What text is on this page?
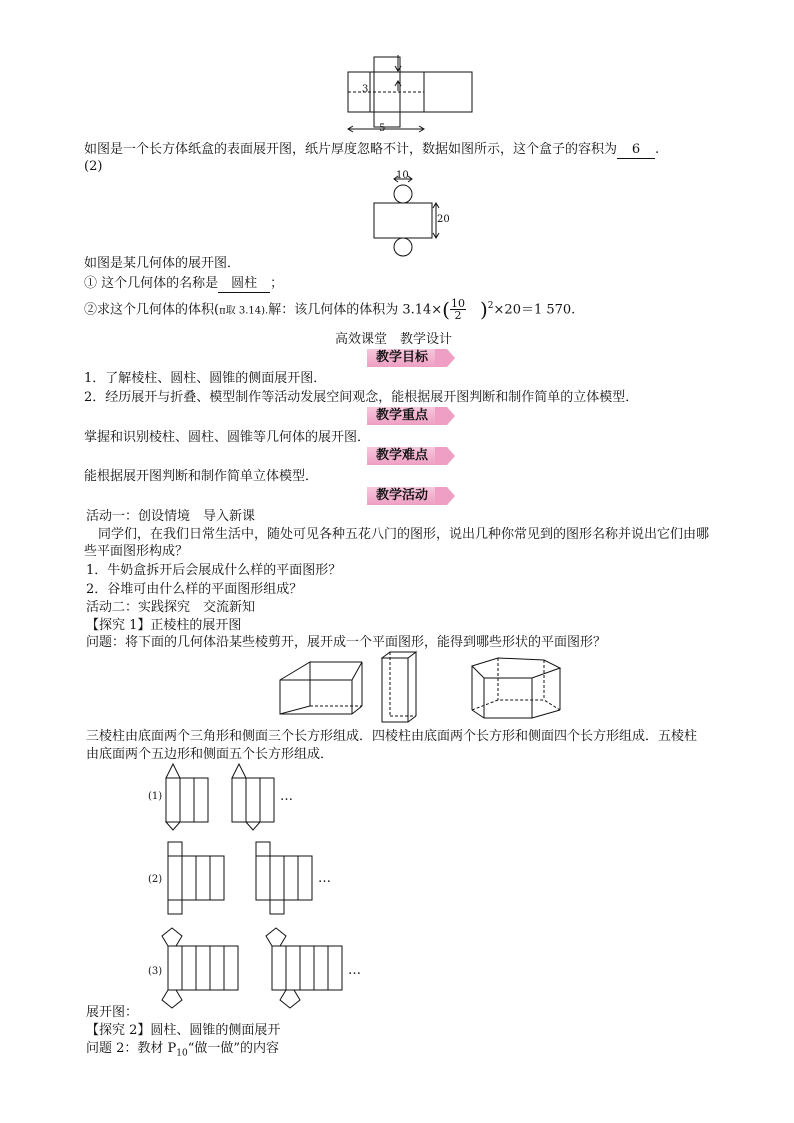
3
5
如图是一个长方体纸盒的表面展开图，纸片厚度忽略不计，数据如图所示，这个盒子的容积为 6 .
(2)
10
20
如图是某几何体的展开图．
① 这个几何体的名称是 圆柱 ；
②求这个几何体的体积(π取 3.14).解：该几何体的体积为 $3.14\times( \frac{10}{2} )^2\times 20=1$ 570.
高效课堂　教学设计
教学目标
1．了解棱柱、圆柱、圆锥的侧面展开图．
2．经历展开与折叠、模型制作等活动发展空间观念，能根据展开图判断和制作简单的立体模型．
教学重点
掌握和识别棱柱、圆柱、圆锥等几何体的展开图．
教学难点
能根据展开图判断和制作简单立体模型．
教学活动
活动一：创设情境　导入新课
同学们，在我们日常生活中，随处可见各种五花八门的图形，说出几种你常见到的图形名称并说出它们由哪
些平面图形构成？
1．牛奶盒拆开后会展成什么样的平面图形？
2．谷堆可由什么样的平面图形组成？
活动二：实践探究　交流新知
【探究 1】正棱柱的展开图
问题：将下面的几何体沿某些棱剪开，展开成一个平面图形，能得到哪些形状的平面图形？
三棱柱由底面两个三角形和侧面三个长方形组成．四棱柱由底面两个长方形和侧面四个长方形组成．五棱柱
由底面两个五边形和侧面五个长方形组成．
(1)	…
(2)	…
(3)	…
展开图：
【探究 2】圆柱、圆锥的侧面展开
问题 2：教材 $P_{10}“$做一做”的内容
